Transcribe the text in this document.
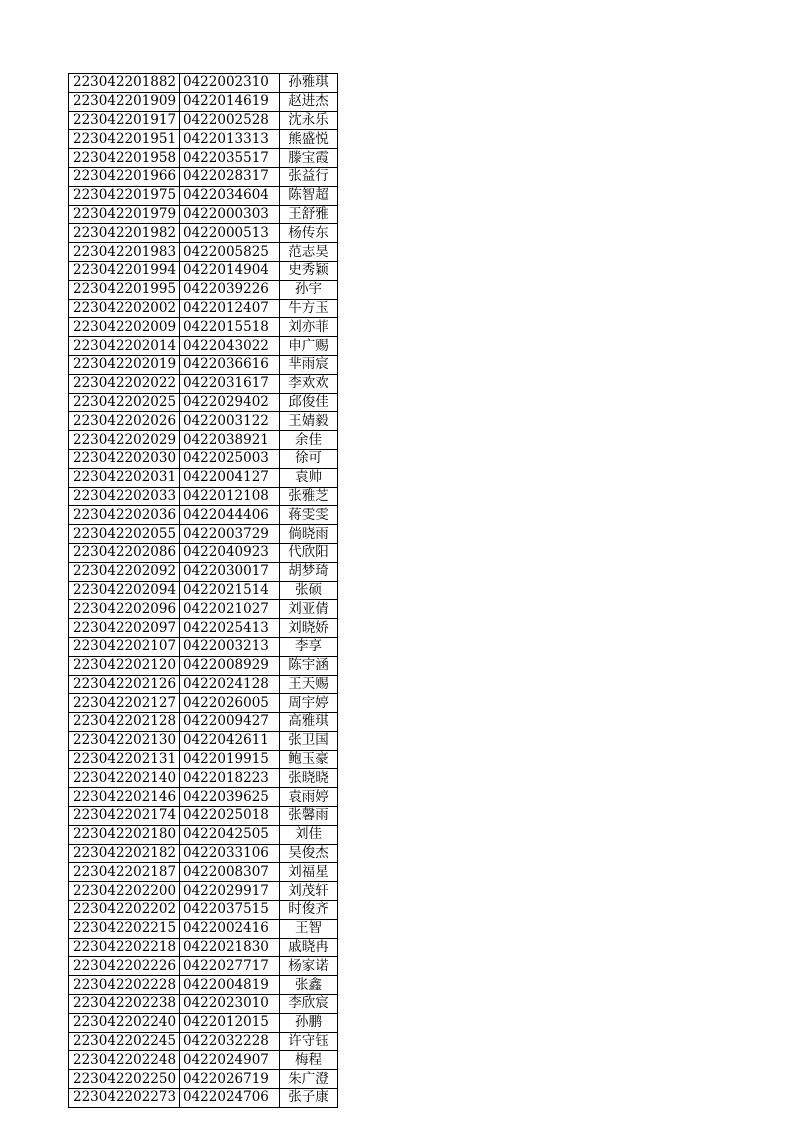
223042201882	0422002310	孙雅琪
223042201909	0422014619	赵进杰
223042201917	0422002528	沈永乐
223042201951	0422013313	熊盛悦
223042201958	0422035517	滕宝霞
223042201966	0422028317	张益行
223042201975	0422034604	陈智超
223042201979	0422000303	王舒雅
223042201982	0422000513	杨传东
223042201983	0422005825	范志昊
223042201994	0422014904	史秀颖
223042201995	0422039226	孙宇
223042202002	0422012407	牛方玉
223042202009	0422015518	刘亦菲
223042202014	0422043022	申广赐
223042202019	0422036616	芈雨宸
223042202022	0422031617	李欢欢
223042202025	0422029402	邱俊佳
223042202026	0422003122	王婧毅
223042202029	0422038921	余佳
223042202030	0422025003	徐可
223042202031	0422004127	袁帅
223042202033	0422012108	张雅芝
223042202036	0422044406	蒋雯雯
223042202055	0422003729	倘晓雨
223042202086	0422040923	代欣阳
223042202092	0422030017	胡梦琦
223042202094	0422021514	张硕
223042202096	0422021027	刘亚倩
223042202097	0422025413	刘晓娇
223042202107	0422003213	李享
223042202120	0422008929	陈宇涵
223042202126	0422024128	王天赐
223042202127	0422026005	周宇婷
223042202128	0422009427	高雅琪
223042202130	0422042611	张卫国
223042202131	0422019915	鲍玉豪
223042202140	0422018223	张晓晓
223042202146	0422039625	袁雨婷
223042202174	0422025018	张馨雨
223042202180	0422042505	刘佳
223042202182	0422033106	吴俊杰
223042202187	0422008307	刘福星
223042202200	0422029917	刘茂轩
223042202202	0422037515	时俊齐
223042202215	0422002416	王智
223042202218	0422021830	戚晓冉
223042202226	0422027717	杨家诺
223042202228	0422004819	张鑫
223042202238	0422023010	李欣宸
223042202240	0422012015	孙鹏
223042202245	0422032228	许守钰
223042202248	0422024907	梅程
223042202250	0422026719	朱广澄
223042202273	0422024706	张子康
